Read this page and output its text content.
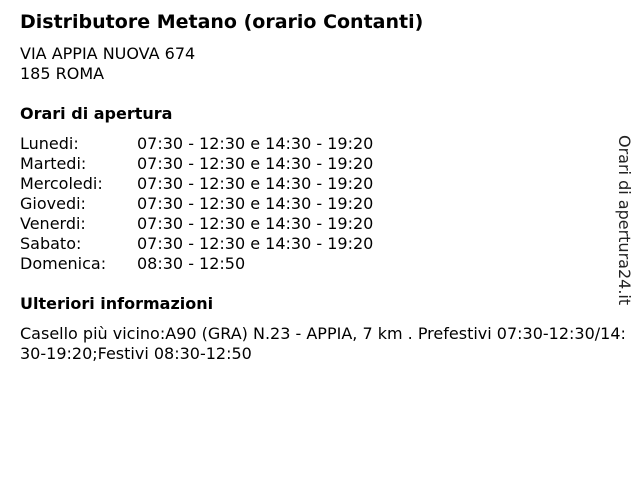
Distributore Metano (orario Contanti)
VIA APPIA NUOVA 674
185 ROMA
Orari di apertura
Lunedi:	07:30 - 12:30 e 14:30 - 19:20
Martedi:	07:30 - 12:30 e 14:30 - 19:20
Mercoledi: 07:30 - 12:30 e 14:30 - 19:20
Giovedi:	07:30 - 12:30 e 14:30 - 19:20
Venerdi:	07:30 - 12:30 e 14:30 - 19:20
Sabato:	07:30 - 12:30 e 14:30 - 19:20
Domenica: 08:30 - 12:50
Ulteriori informazioni
Casello più vicino:A90 (GRA) N.23 - APPIA, 7 km . Prefestivi 07:30-12:30/14:30-19:20;Festivi 08:30-12:50
Orari di apertura24.it
